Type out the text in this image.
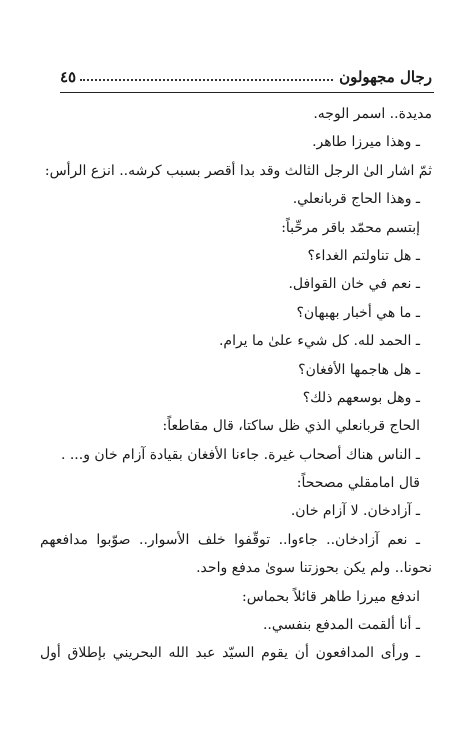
٤٥	رجال مجهولون
مديدة.. اسمر الوجه.
ـ وهذا ميرزا طاهر.
ثمّ اشار الىٰ الرجل الثالث وقد بدا أقصر بسبب كرشه.. انزع الرأس:
ـ وهذا الحاج قربانعلي.
إبتسم محمّد باقر مرحِّباً:
ـ هل تناولتم الغداء؟
ـ نعم في خان القوافل.
ـ ما هي أخبار بهبهان؟
ـ الحمد لله. كل شيء علىٰ ما يرام.
ـ هل هاجمها الأفغان؟
ـ وهل بوسعهم ذلك؟
الحاج قربانعلي الذي ظل ساكتا، قال مقاطعاً:
ـ الناس هناك أصحاب غيرة. جاءنا الأفغان بقيادة آزام خان و... .
قال امامقلي مصححاً:
ـ آزادخان. لا آزام خان.
ـ نعم آزادخان.. جاءوا.. توقّفوا خلف الأسوار.. صوّبوا مدافعهم
نحونا.. ولم يكن بحوزتنا سوىٰ مدفع واحد.
اندفع ميرزا طاهر قائلاً بحماس:
ـ أنا ألقمت المدفع بنفسي..
ـ ورأى المدافعون أن يقوم السيّد عبد الله البحريني بإطلاق أول
